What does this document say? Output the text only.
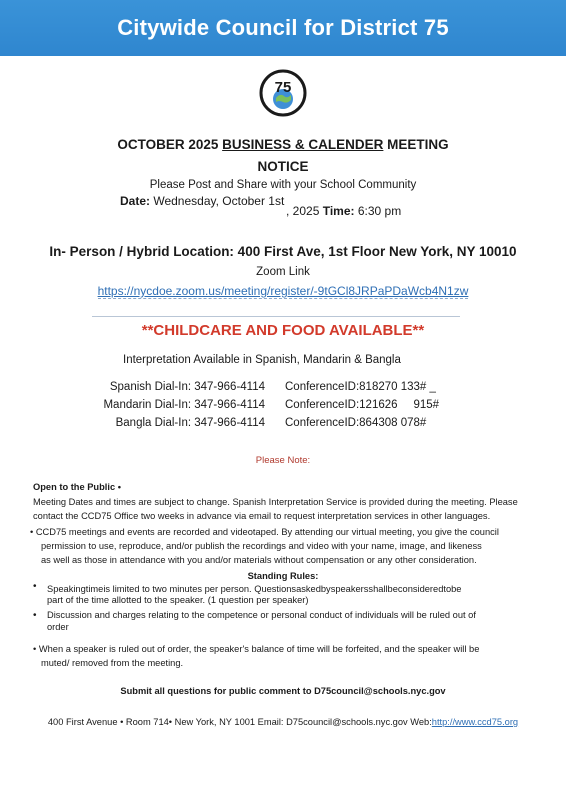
Citywide Council for District 75
75
OCTOBER 2025 BUSINESS & CALENDER MEETING
NOTICE
Please Post and Share with your School Community
Date: Wednesday, October 1st
, 2025 Time: 6:30 pm
In- Person / Hybrid Location: 400 First Ave, 1st Floor New York, NY 10010
Zoom Link
https://nycdoe.zoom.us/meeting/register/-9tGCl8JRPaPDaWcb4N1zw
**CHILDCARE AND FOOD AVAILABLE**
Interpretation Available in Spanish, Mandarin & Bangla
Spanish Dial-In: 347-966-4114 ConferenceID:818270 133# _
Mandarin Dial-In: 347-966-4114 ConferenceID:121626     915#
Bangla Dial-In: 347-966-4114 ConferenceID:864308 078#
Please Note:
Open to the Public •
Meeting Dates and times are subject to change. Spanish Interpretation Service is provided during the meeting. Please
contact the CCD75 Office two weeks in advance via email to request interpretation services in other languages.
• CCD75 meetings and events are recorded and videotaped. By attending our virtual meeting, you give the council
permission to use, reproduce, and/or publish the recordings and video with your name, image, and likeness
as well as those in attendance with you and/or materials without compensation or any other consideration.
Standing Rules:
• Speakingtimeis limited to two minutes per person. Questionsaskedbyspeakersshallbeconsideredtobe
part of the time allotted to the speaker. (1 question per speaker)
• Discussion and charges relating to the competence or personal conduct of individuals will be ruled out of
order
• When a speaker is ruled out of order, the speaker's balance of time will be forfeited, and the speaker will be
muted/ removed from the meeting.
Submit all questions for public comment to D75council@schools.nyc.gov
400 First Avenue • Room 714• New York, NY 1001 Email: D75council@schools.nyc.gov Web:http://www.ccd75.org
